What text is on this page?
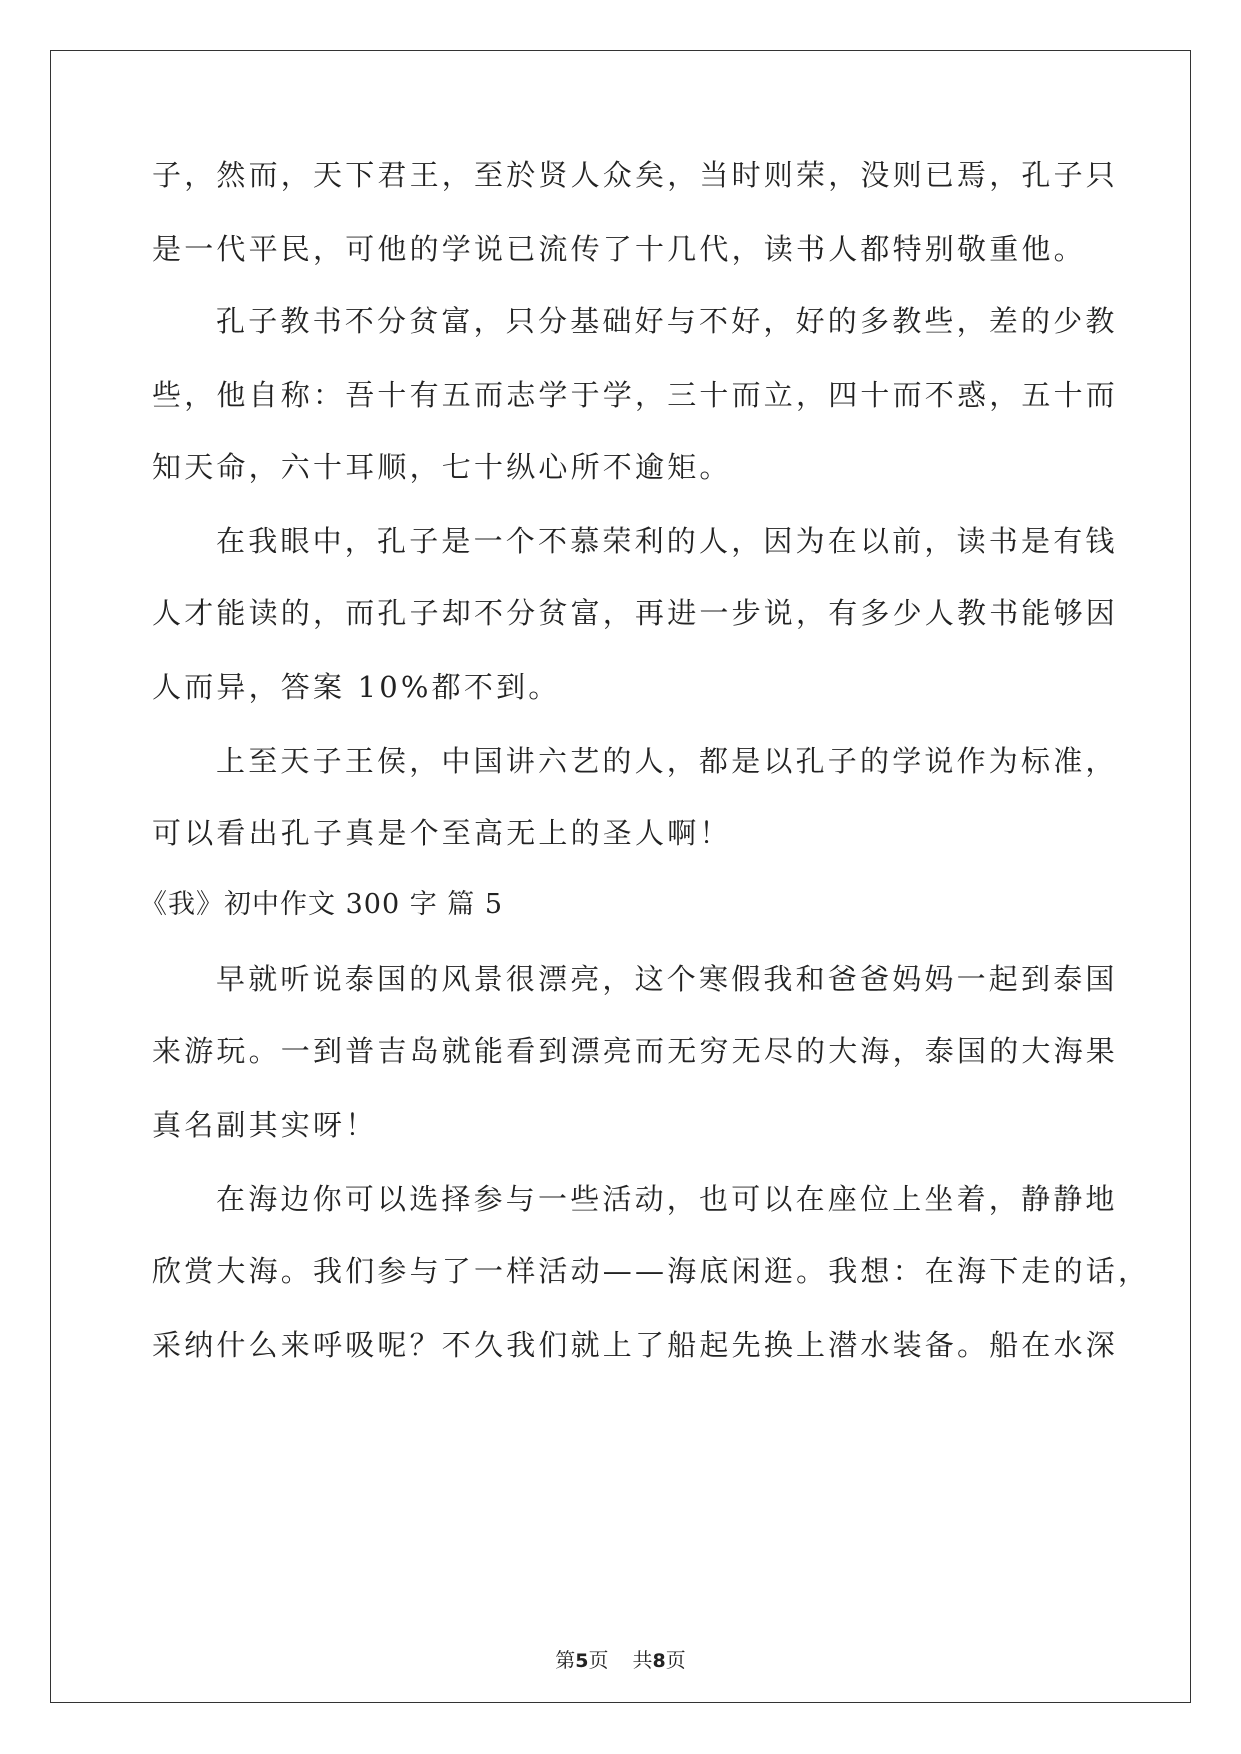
子，然而，天下君王，至於贤人众矣，当时则荣，没则已焉，孔子只
是一代平民，可他的学说已流传了十几代，读书人都特别敬重他。
孔子教书不分贫富，只分基础好与不好，好的多教些，差的少教
些，他自称：吾十有五而志学于学，三十而立，四十而不惑，五十而
知天命，六十耳顺，七十纵心所不逾矩。
在我眼中，孔子是一个不慕荣利的人，因为在以前，读书是有钱
人才能读的，而孔子却不分贫富，再进一步说，有多少人教书能够因
人而异，答案 10%都不到。
上至天子王侯，中国讲六艺的人，都是以孔子的学说作为标准，
可以看出孔子真是个至高无上的圣人啊！
《我》初中作文 300 字 篇 5
早就听说泰国的风景很漂亮，这个寒假我和爸爸妈妈一起到泰国
来游玩。一到普吉岛就能看到漂亮而无穷无尽的大海，泰国的大海果
真名副其实呀！
在海边你可以选择参与一些活动，也可以在座位上坐着，静静地
欣赏大海。我们参与了一样活动——海底闲逛。我想：在海下走的话，
采纳什么来呼吸呢？不久我们就上了船起先换上潜水装备。船在水深
第5页 共8页
